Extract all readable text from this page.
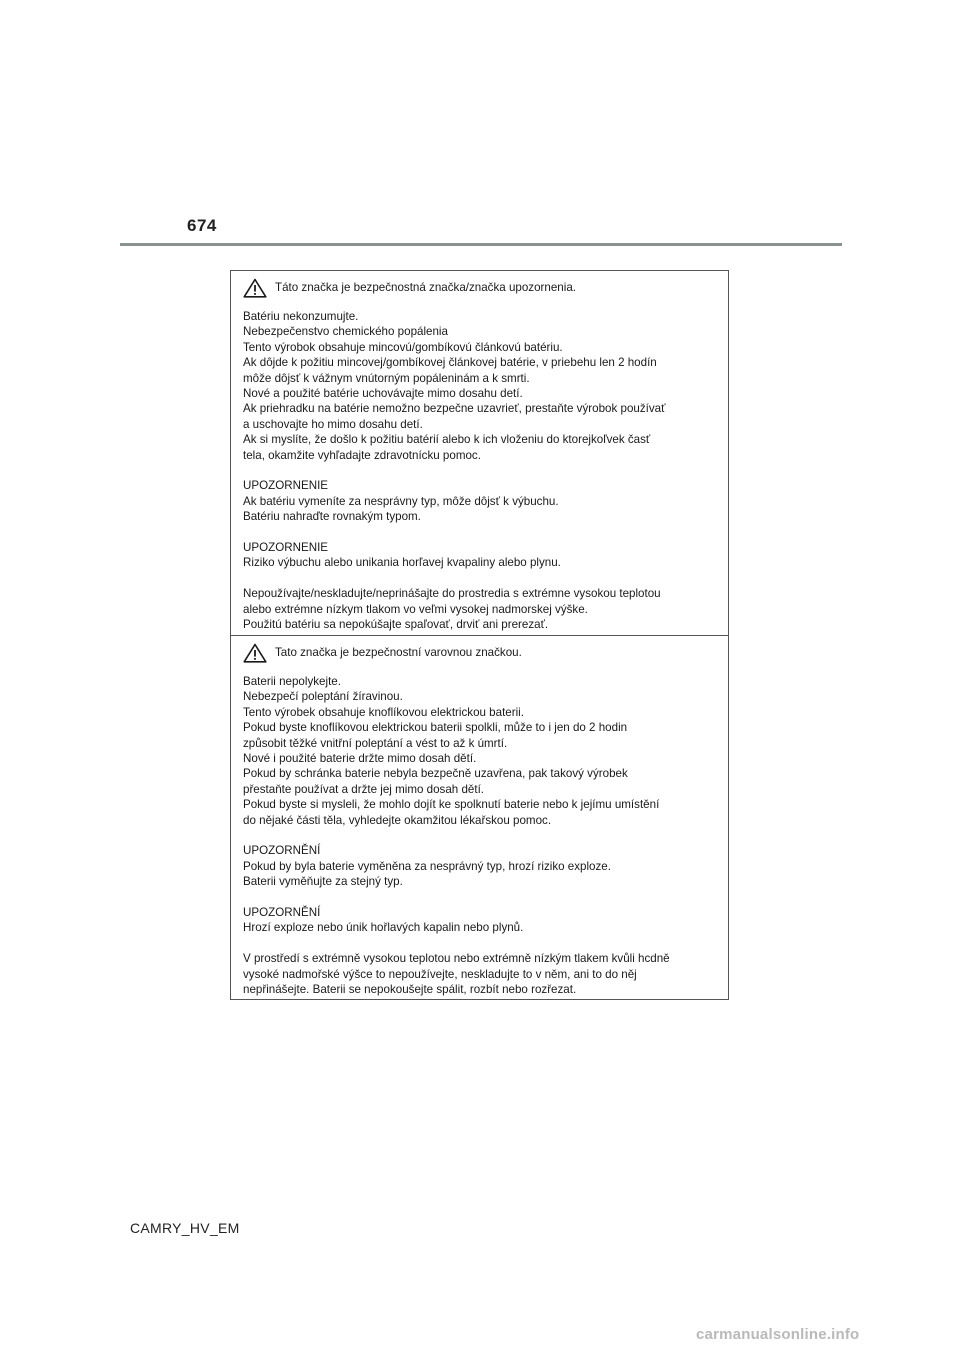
674
Táto značka je bezpečnostná značka/značka upozornenia.
Batériu nekonzumujte.
Nebezpečenstvo chemického popálenia
Tento výrobok obsahuje mincovú/gombíkovú článkovú batériu.
Ak dôjde k požitiu mincovej/gombíkovej článkovej batérie, v priebehu len 2 hodín
môže dôjsť k vážnym vnútorným popáleninám a k smrti.
Nové a použité batérie uchovávajte mimo dosahu detí.
Ak priehradku na batérie nemožno bezpečne uzavrieť, prestaňte výrobok používať
a uschovajte ho mimo dosahu detí.
Ak si myslíte, že došlo k požitiu batérií alebo k ich vloženiu do ktorejkoľvek časť
tela, okamžite vyhľadajte zdravotnícku pomoc.
UPOZORNENIE
Ak batériu vymeníte za nesprávny typ, môže dôjsť k výbuchu.
Batériu nahraďte rovnakým typom.
UPOZORNENIE
Riziko výbuchu alebo unikania horľavej kvapaliny alebo plynu.
Nepoužívajte/neskladujte/neprinášajte do prostredia s extrémne vysokou teplotou
alebo extrémne nízkym tlakom vo veľmi vysokej nadmorskej výške.
Použitú batériu sa nepokúšajte spaľovať, drviť ani prerezať.
Tato značka je bezpečnostní varovnou značkou.
Baterii nepolykejte.
Nebezpečí poleptání žíravinou.
Tento výrobek obsahuje knoflíkovou elektrickou baterii.
Pokud byste knoflíkovou elektrickou baterii spolkli, může to i jen do 2 hodin
způsobit těžké vnitřní poleptání a vést to až k úmrtí.
Nové i použité baterie držte mimo dosah dětí.
Pokud by schránka baterie nebyla bezpečně uzavřena, pak takový výrobek
přestaňte používat a držte jej mimo dosah dětí.
Pokud byste si mysleli, že mohlo dojít ke spolknutí baterie nebo k jejímu umístění
do nějaké části těla, vyhledejte okamžitou lékařskou pomoc.
UPOZORNĚNÍ
Pokud by byla baterie vyměněna za nesprávný typ, hrozí riziko exploze.
Baterii vyměňujte za stejný typ.
UPOZORNĚNÍ
Hrozí exploze nebo únik hořlavých kapalin nebo plynů.
V prostředí s extrémně vysokou teplotou nebo extrémně nízkým tlakem kvůli hcdně
vysoké nadmořské výšce to nepoužívejte, neskladujte to v něm, ani to do něj
nepřinášejte. Baterii se nepokoušejte spálit, rozbít nebo rozřezat.
CAMRY_HV_EM
carmanualsonline.info
